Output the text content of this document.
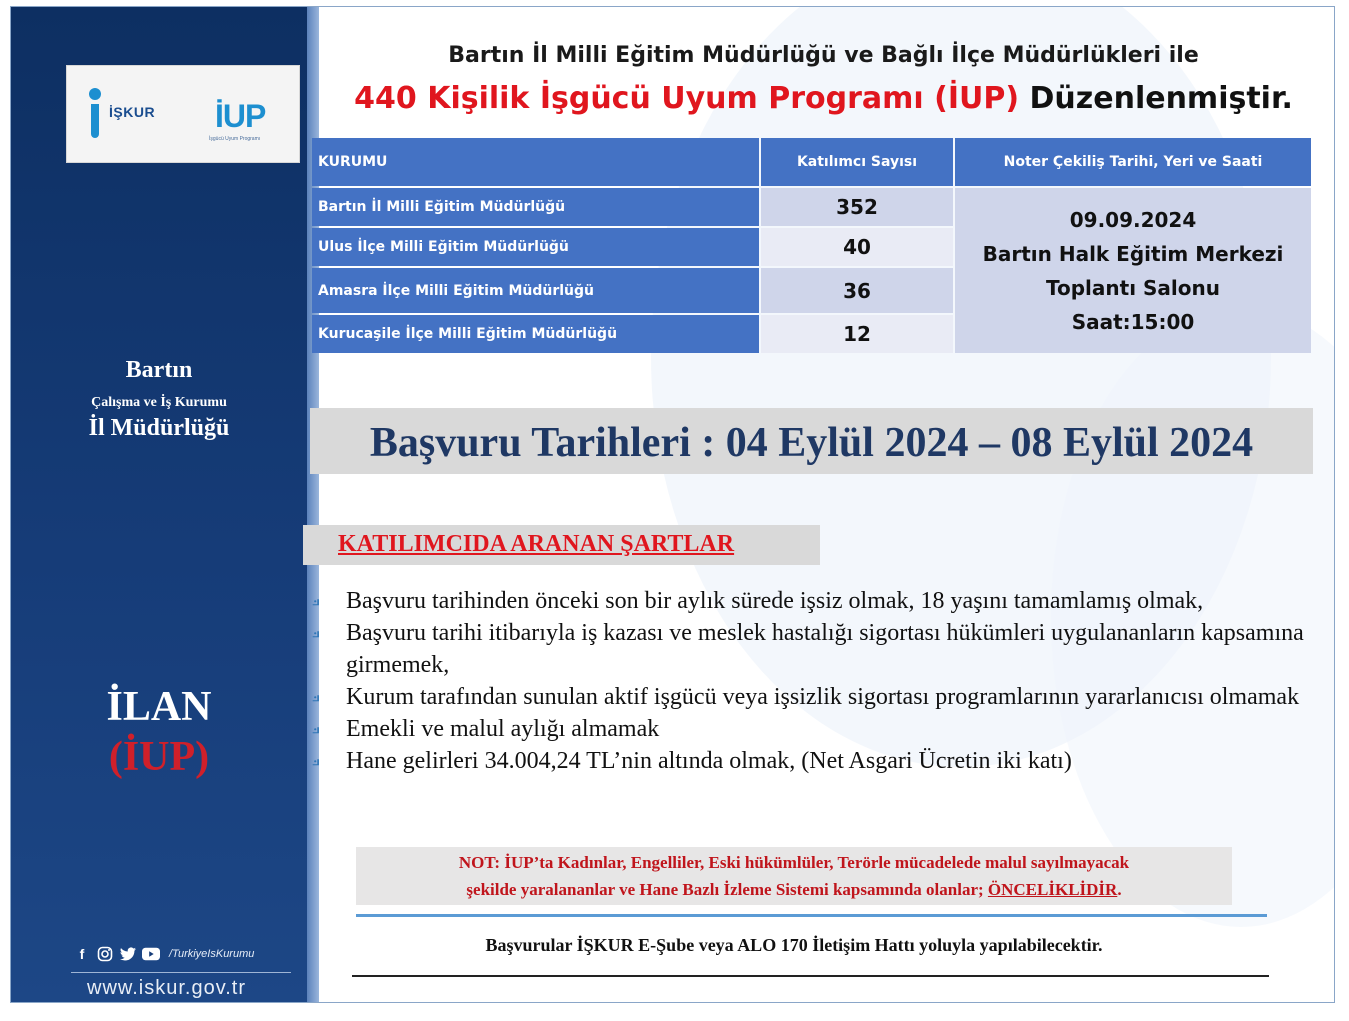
İŞKUR İUP
İşgücü Uyum Programı
Bartın
Çalışma ve İş Kurumu
İl Müdürlüğü
İLAN
(İUP)
f	/TurkiyeIsKurumu
www.iskur.gov.tr
Bartın İl Milli Eğitim Müdürlüğü ve Bağlı İlçe Müdürlükleri ile
440 Kişilik İşgücü Uyum Programı (İUP) Düzenlenmiştir.
KURUMU	Katılımcı Sayısı	Noter Çekiliş Tarihi, Yeri ve Saati
Bartın İl Milli Eğitim Müdürlüğü	352	09.09.2024
Bartın Halk Eğitim Merkezi
Toplantı Salonu
Saat:15:00

Ulus İlçe Milli Eğitim Müdürlüğü	40	
Amasra İlçe Milli Eğitim Müdürlüğü	36	
Kurucaşile İlçe Milli Eğitim Müdürlüğü	12	
Başvuru Tarihleri : 04 Eylül 2024 – 08 Eylül 2024
KATILIMCIDA ARANAN ŞARTLAR
⟓ Başvuru tarihinden önceki son bir aylık sürede işsiz olmak, 18 yaşını tamamlamış olmak,
⟓ Başvuru tarihi itibarıyla iş kazası ve meslek hastalığı sigortası hükümleri uygulananların kapsamına girmemek,
⟓ Kurum tarafından sunulan aktif işgücü veya işsizlik sigortası programlarının yararlanıcısı olmamak
⟓ Emekli ve malul aylığı almamak
⟓ Hane gelirleri 34.004,24 TL’nin altında olmak, (Net Asgari Ücretin iki katı)
NOT: İUP’ta Kadınlar, Engelliler, Eski hükümlüler, Terörle mücadelede malul sayılmayacak
şekilde yaralananlar ve Hane Bazlı İzleme Sistemi kapsamında olanlar; ÖNCELİKLİDİR.
Başvurular İŞKUR E-Şube veya ALO 170 İletişim Hattı yoluyla yapılabilecektir.
